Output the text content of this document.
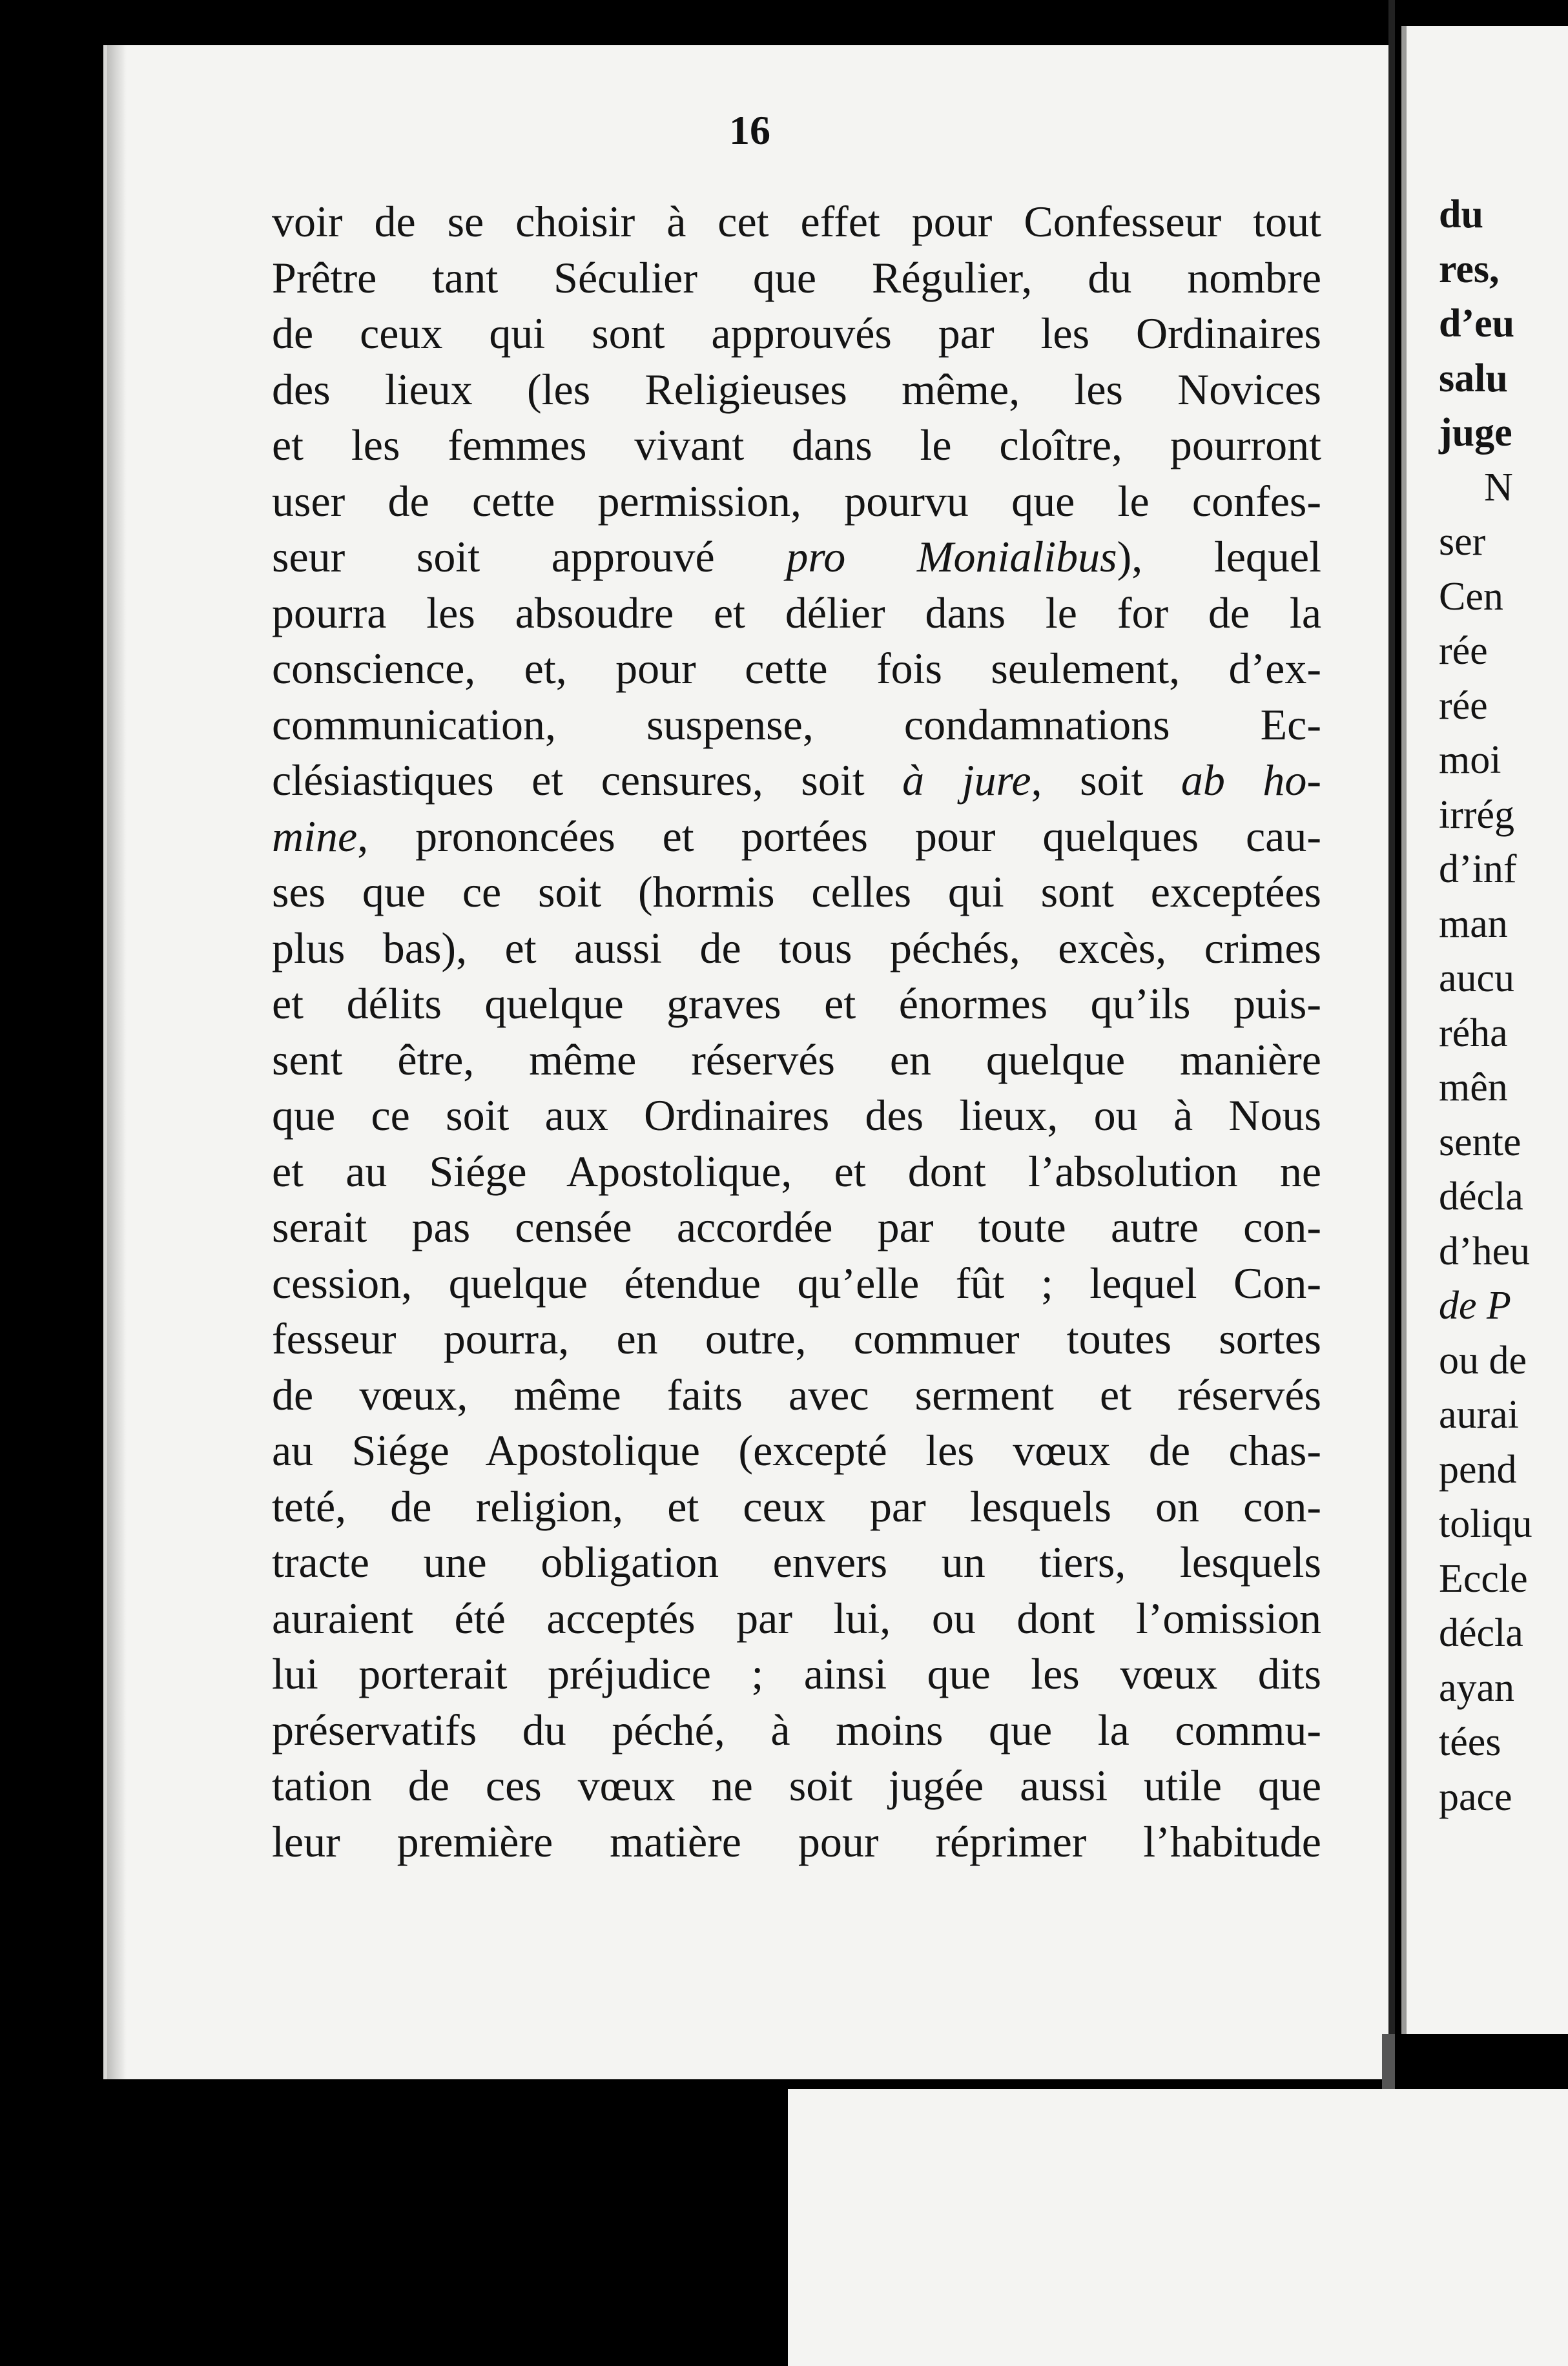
16
voir de se choisir à cet effet pour Confesseur tout
Prêtre tant Séculier que Régulier, du nombre
de ceux qui sont approuvés par les Ordinaires
des lieux (les Religieuses même, les Novices
et les femmes vivant dans le cloître, pourront
user de cette permission, pourvu que le confes-
seur soit approuvé pro Monialibus), lequel
pourra les absoudre et délier dans le for de la
conscience, et, pour cette fois seulement, d’ex-
communication, suspense, condamnations Ec-
clésiastiques et censures, soit à jure, soit ab ho-
mine, prononcées et portées pour quelques cau-
ses que ce soit (hormis celles qui sont exceptées
plus bas), et aussi de tous péchés, excès, crimes
et délits quelque graves et énormes qu’ils puis-
sent être, même réservés en quelque manière
que ce soit aux Ordinaires des lieux, ou à Nous
et au Siége Apostolique, et dont l’absolution ne
serait pas censée accordée par toute autre con-
cession, quelque étendue qu’elle fût ; lequel Con-
fesseur pourra, en outre, commuer toutes sortes
de vœux, même faits avec serment et réservés
au Siége Apostolique (excepté les vœux de chas-
teté, de religion, et ceux par lesquels on con-
tracte une obligation envers un tiers, lesquels
auraient été acceptés par lui, ou dont l’omission
lui porterait préjudice ; ainsi que les vœux dits
préservatifs du péché, à moins que la commu-
tation de ces vœux ne soit jugée aussi utile que
leur première matière pour réprimer l’habitude
du
res,
d’eu
salu
juge
N
ser
Cen
rée
rée
moi
irrég
d’inf
man
aucu
réha
mên
sente
décla
d’heu
de P
ou de
aurai
pend
toliqu
Eccle
décla
ayan
tées
pace
